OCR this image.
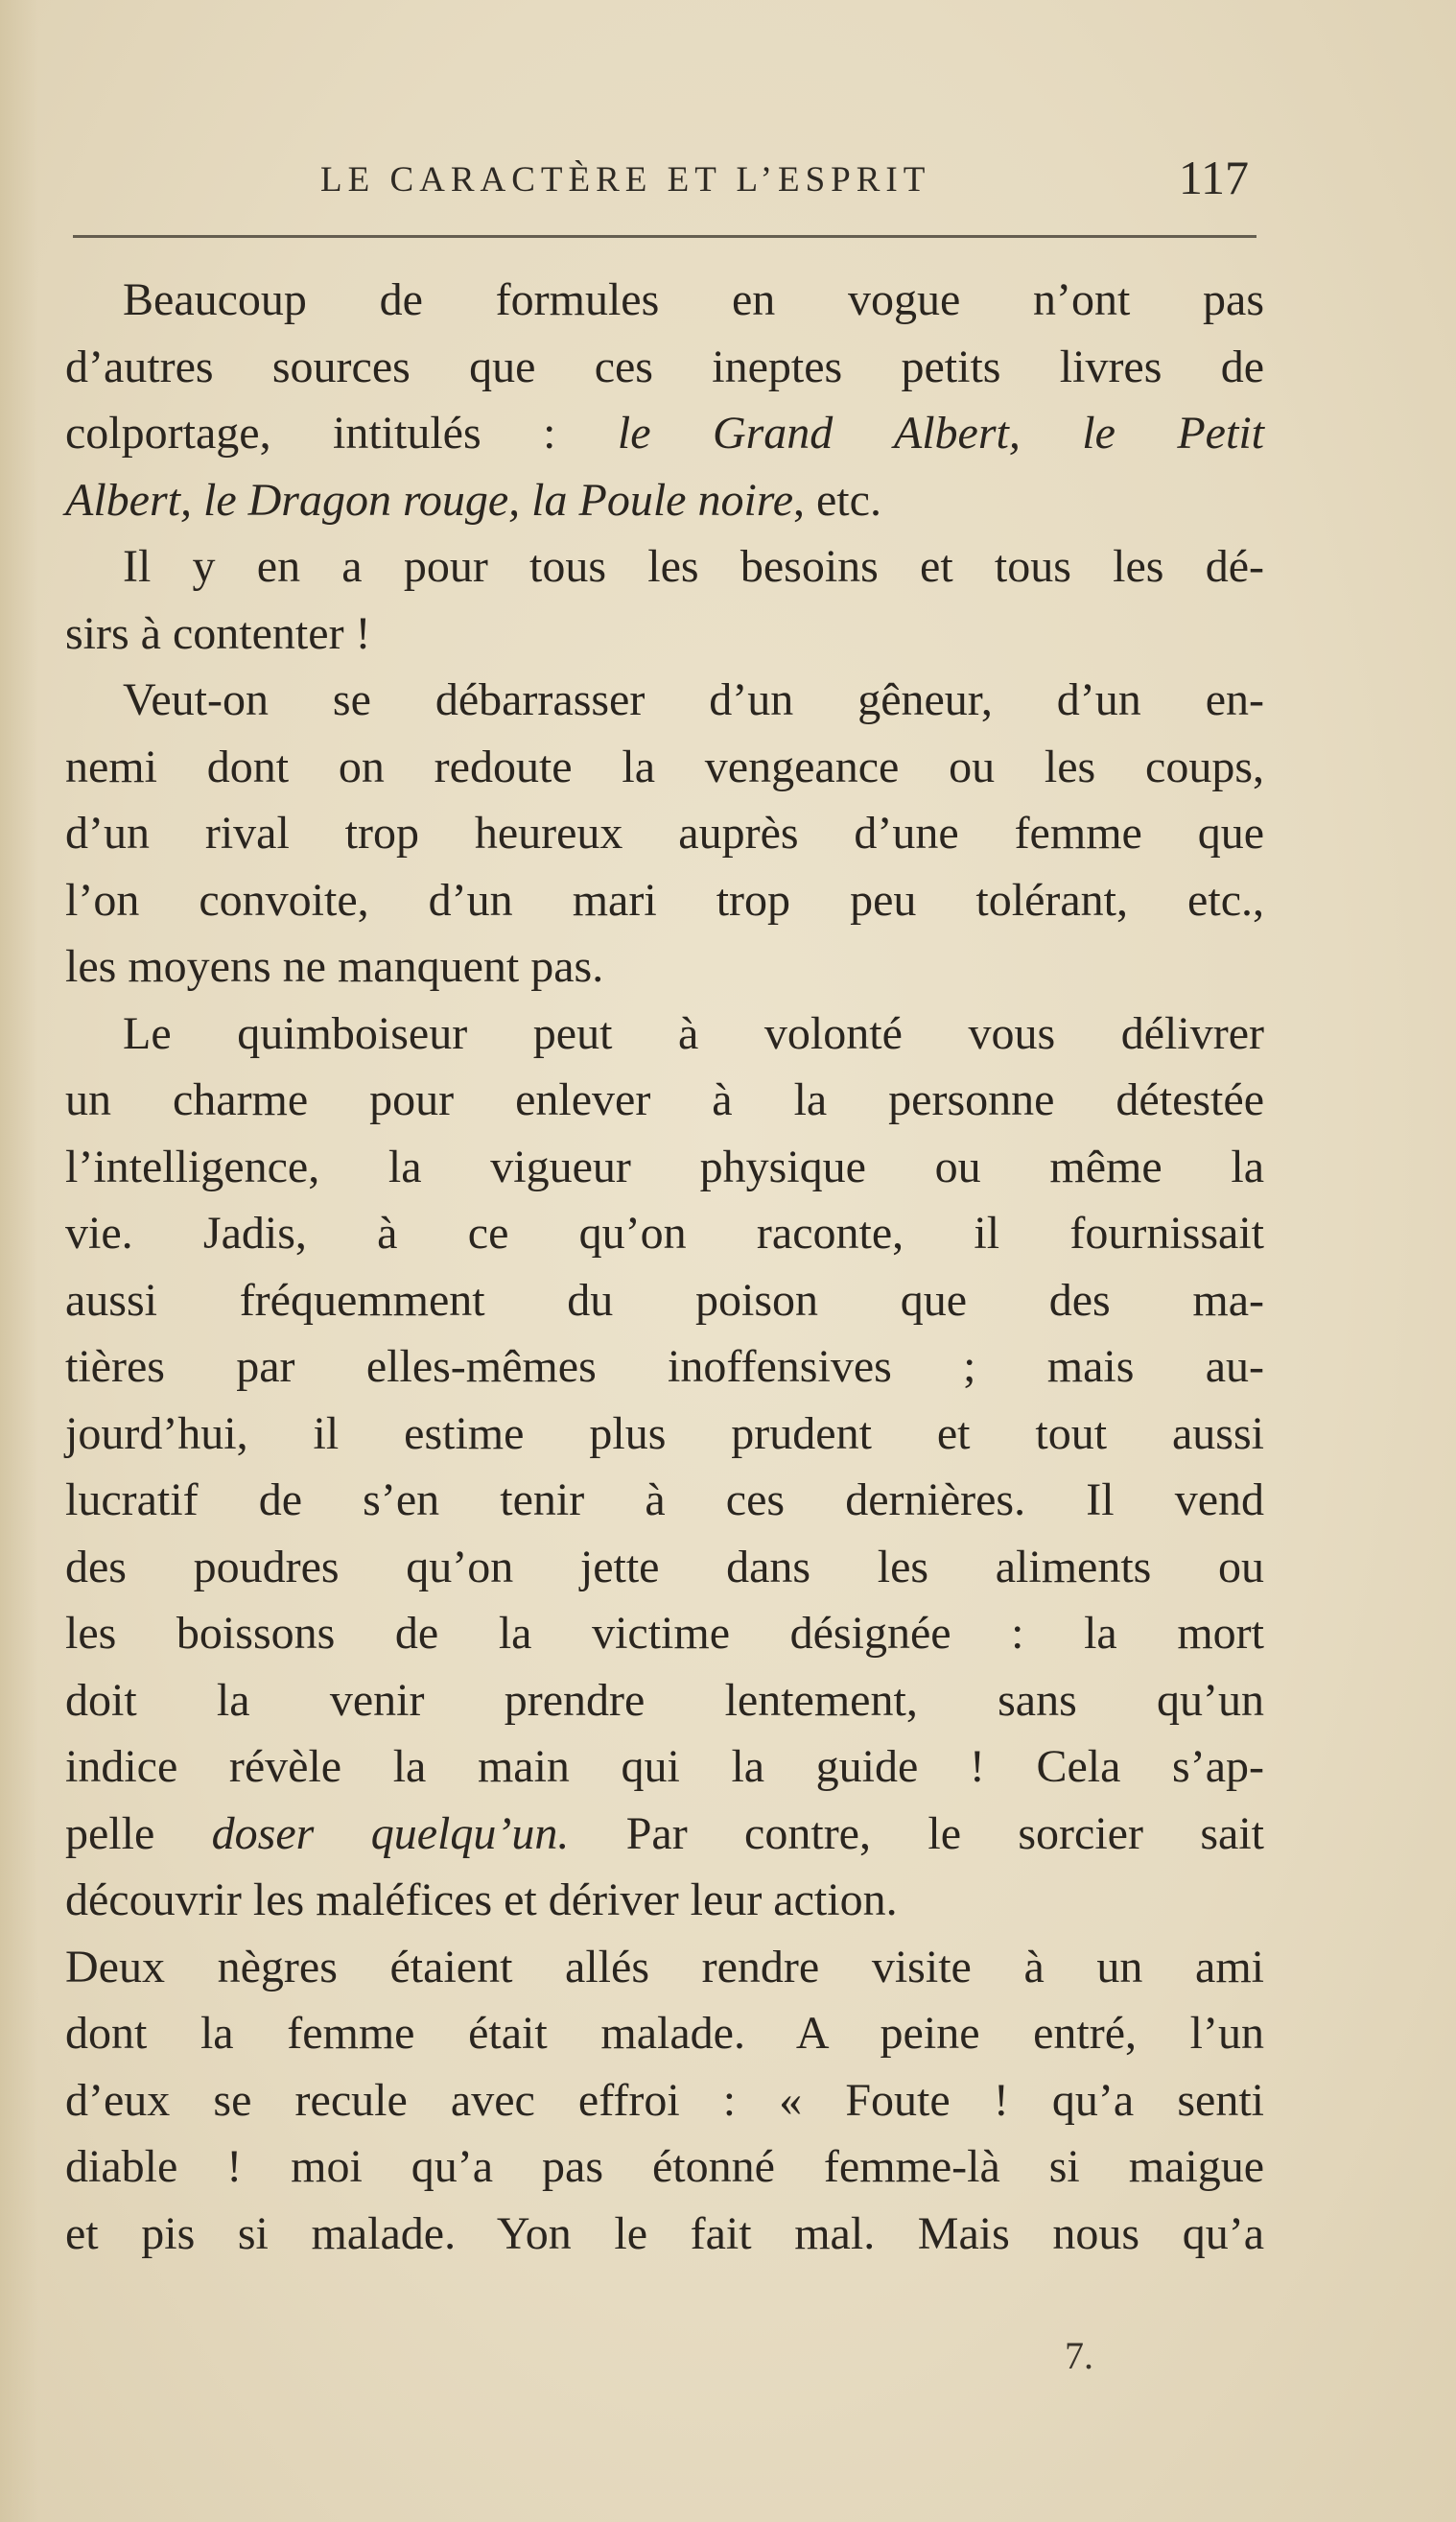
LE CARACTÈRE ET L’ESPRIT	117
Beaucoup de formules en vogue n’ont pas
d’autres sources que ces ineptes petits livres de
colportage, intitulés : le Grand Albert, le Petit
Albert, le Dragon rouge, la Poule noire, etc.
Il y en a pour tous les besoins et tous les dé-
sirs à contenter !
Veut-on se débarrasser d’un gêneur, d’un en-
nemi dont on redoute la vengeance ou les coups,
d’un rival trop heureux auprès d’une femme que
l’on convoite, d’un mari trop peu tolérant, etc.,
les moyens ne manquent pas.
Le quimboiseur peut à volonté vous délivrer
un charme pour enlever à la personne détestée
l’intelligence, la vigueur physique ou même la
vie. Jadis, à ce qu’on raconte, il fournissait
aussi fréquemment du poison que des ma-
tières par elles-mêmes inoffensives ; mais au-
jourd’hui, il estime plus prudent et tout aussi
lucratif de s’en tenir à ces dernières. Il vend
des poudres qu’on jette dans les aliments ou
les boissons de la victime désignée : la mort
doit la venir prendre lentement, sans qu’un
indice révèle la main qui la guide ! Cela s’ap-
pelle doser quelqu’un. Par contre, le sorcier sait
découvrir les maléfices et dériver leur action.
Deux nègres étaient allés rendre visite à un ami
dont la femme était malade. A peine entré, l’un
d’eux se recule avec effroi : « Foute ! qu’a senti
diable ! moi qu’a pas étonné femme-là si maigue
et pis si malade. Yon le fait mal. Mais nous qu’a
7.
